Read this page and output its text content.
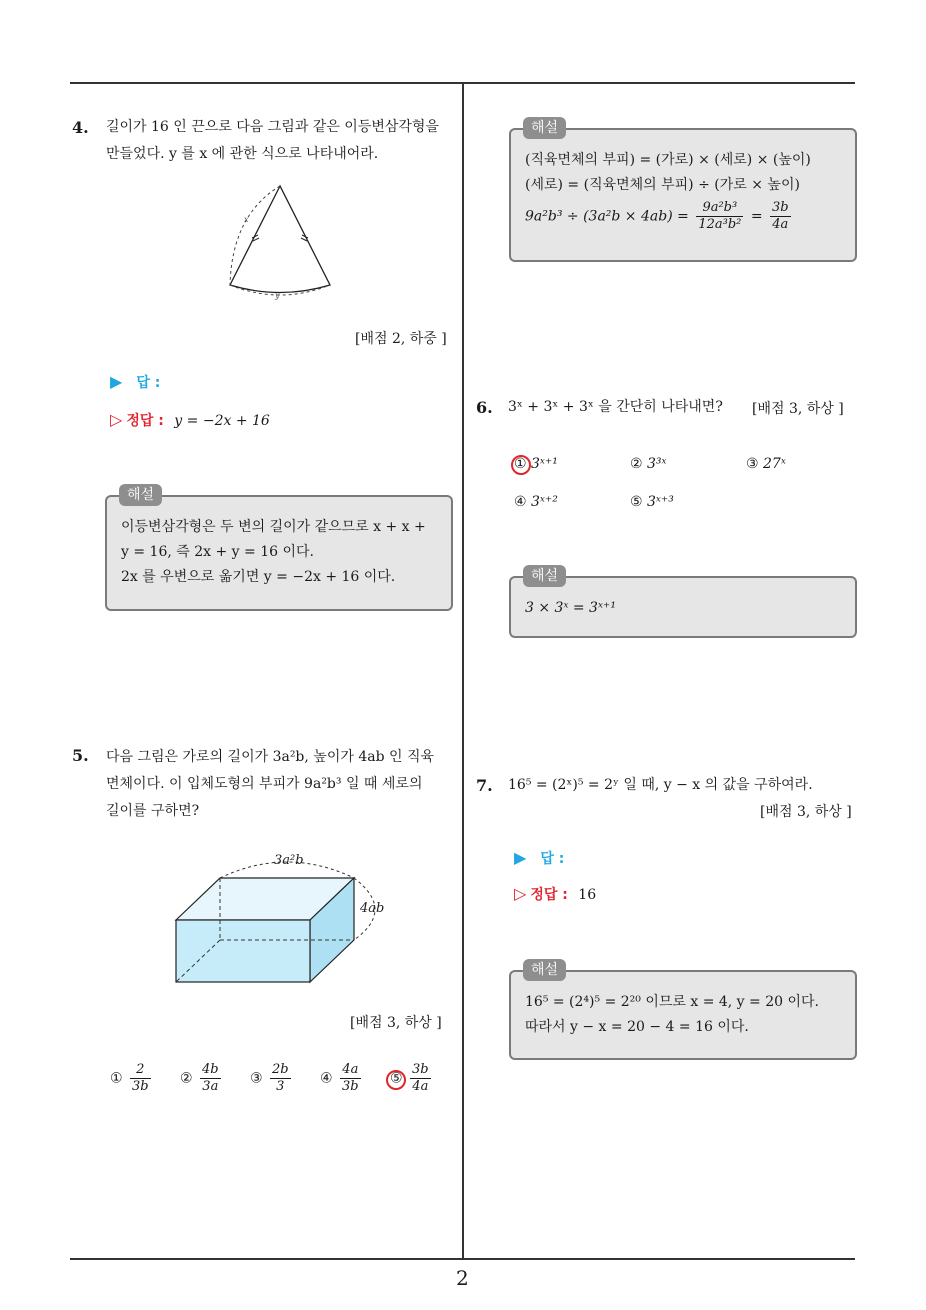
2
4. 길이가 16 인 끈으로 다음 그림과 같은 이등변삼각형을
만들었다. y 를 x 에 관한 식으로 나타내어라.
x
y
[배점 2, 하중 ]
▶ 답 :
▷ 정답 : y = −2x + 16
해설
이등변삼각형은 두 변의 길이가 같으므로 x + x +
y = 16, 즉 2x + y = 16 이다.
2x 를 우변으로 옮기면 y = −2x + 16 이다.
5. 다음 그림은 가로의 길이가 3a²b, 높이가 4ab 인 직육
면체이다. 이 입체도형의 부피가 9a²b³ 일 때 세로의
길이를 구하면?
3a²b
4ab
[배점 3, 하상 ]
① $\frac{2}{3b}$ ② $\frac{4b}{3a}$ ③ $\frac{2b}{3}$ ④ $\frac{4a}{3b}$ ⑤ $\frac{3b}{4a}$
해설
(직육면체의 부피) = (가로) × (세로) × (높이)
(세로) = (직육면체의 부피) ÷ (가로 × 높이)
$9a^2b^3 \div (3a^2b \times 4ab) = \frac{\text{9a²b³}}{\text{12a³b²}} = \frac{3b}{4a}$
6. 3ˣ + 3ˣ + 3ˣ 을 간단히 나타내면? [배점 3, 하상 ]
① 3ˣ⁺¹	② 3³ˣ	③ 27ˣ
④ 3ˣ⁺²	⑤ 3ˣ⁺³
해설
3 × 3ˣ = 3ˣ⁺¹
7. 16⁵ = (2ˣ)⁵ = 2ʸ 일 때, y − x 의 값을 구하여라.
[배점 3, 하상 ]
▶ 답 :
▷ 정답 : 16
해설
16⁵ = (2⁴)⁵ = 2²⁰ 이므로 x = 4, y = 20 이다.
따라서 y − x = 20 − 4 = 16 이다.
